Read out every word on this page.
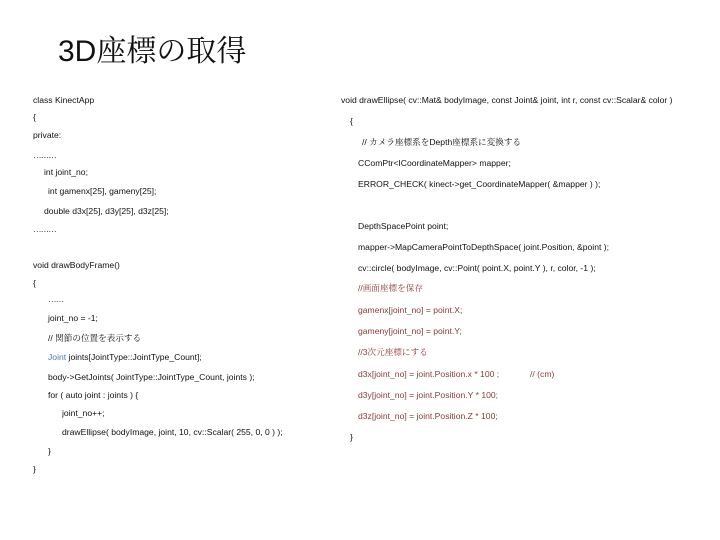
3D座標の取得
class KinectApp
{
private:
………
int joint_no;
int gamenx[25], gameny[25];
double d3x[25], d3y[25], d3z[25];
………
void drawBodyFrame()
{
……
joint_no = -1;
// 関節の位置を表示する
Joint joints[JointType::JointType_Count];
body->GetJoints( JointType::JointType_Count, joints );
for ( auto joint : joints ) {
joint_no++;
drawEllipse( bodyImage, joint, 10, cv::Scalar( 255, 0, 0 ) );
}
}
void drawEllipse( cv::Mat& bodyImage, const Joint& joint, int r, const cv::Scalar& color )
{
// カメラ座標系をDepth座標系に変換する
CComPtr<ICoordinateMapper> mapper;
ERROR_CHECK( kinect->get_CoordinateMapper( &mapper ) );
DepthSpacePoint point;
mapper->MapCameraPointToDepthSpace( joint.Position, &point );
cv::circle( bodyImage, cv::Point( point.X, point.Y ), r, color, -1 );
//画面座標を保存
gamenx[joint_no] = point.X;
gameny[joint_no] = point.Y;
//3次元座標にする
d3x[joint_no] = joint.Position.x * 100 ;	// (cm)
d3y[joint_no] = joint.Position.Y * 100;
d3z[joint_no] = joint.Position.Z * 100;
}
